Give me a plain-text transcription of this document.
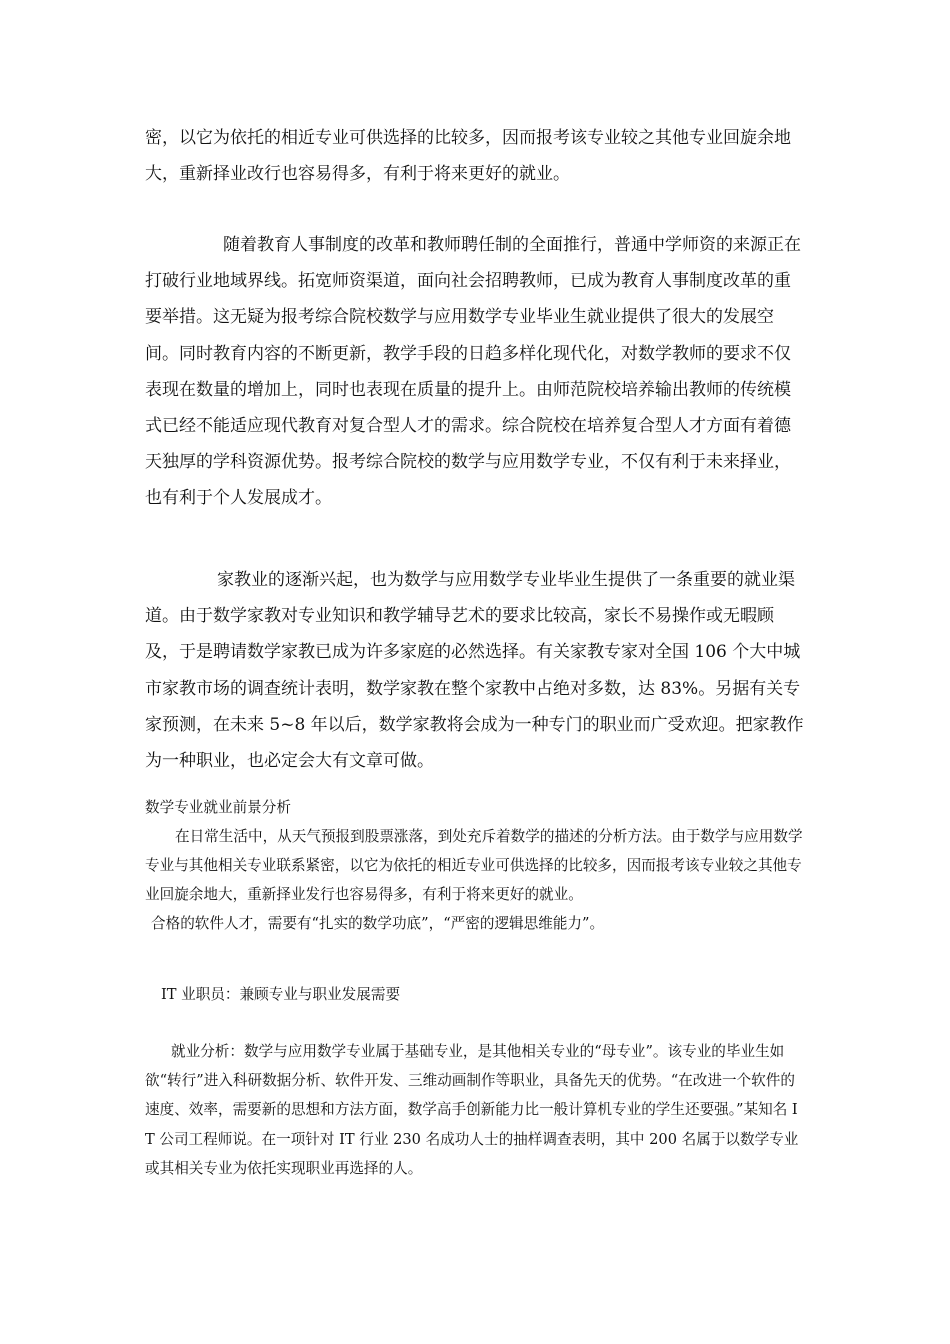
密，以它为依托的相近专业可供选择的比较多，因而报考该专业较之其他专业回旋余地大，重新择业改行也容易得多，有利于将来更好的就业。

随着教育人事制度的改革和教师聘任制的全面推行，普通中学师资的来源正在打破行业地域界线。拓宽师资渠道，面向社会招聘教师，已成为教育人事制度改革的重要举措。这无疑为报考综合院校数学与应用数学专业毕业生就业提供了很大的发展空间。同时教育内容的不断更新，教学手段的日趋多样化现代化，对数学教师的要求不仅表现在数量的增加上，同时也表现在质量的提升上。由师范院校培养输出教师的传统模式已经不能适应现代教育对复合型人才的需求。综合院校在培养复合型人才方面有着德天独厚的学科资源优势。报考综合院校的数学与应用数学专业，不仅有利于未来择业，也有利于个人发展成才。

家教业的逐渐兴起，也为数学与应用数学专业毕业生提供了一条重要的就业渠道。由于数学家教对专业知识和教学辅导艺术的要求比较高，家长不易操作或无暇顾及，于是聘请数学家教已成为许多家庭的必然选择。有关家教专家对全国 106 个大中城市家教市场的调查统计表明，数学家教在整个家教中占绝对多数，达 83%。另据有关专家预测，在未来 5~8 年以后，数学家教将会成为一种专门的职业而广受欢迎。把家教作为一种职业，也必定会大有文章可做。

数学专业就业前景分析

在日常生活中，从天气预报到股票涨落，到处充斥着数学的描述的分析方法。由于数学与应用数学专业与其他相关专业联系紧密，以它为依托的相近专业可供选择的比较多，因而报考该专业较之其他专业回旋余地大，重新择业发行也容易得多，有利于将来更好的就业。

合格的软件人才，需要有“扎实的数学功底”，“严密的逻辑思维能力”。

IT 业职员：兼顾专业与职业发展需要

就业分析：数学与应用数学专业属于基础专业，是其他相关专业的“母专业”。该专业的毕业生如欲“转行”进入科研数据分析、软件开发、三维动画制作等职业，具备先天的优势。“在改进一个软件的速度、效率，需要新的思想和方法方面，数学高手创新能力比一般计算机专业的学生还要强。”某知名 IT 公司工程师说。在一项针对 IT 行业 230 名成功人士的抽样调查表明，其中 200 名属于以数学专业或其相关专业为依托实现职业再选择的人。
